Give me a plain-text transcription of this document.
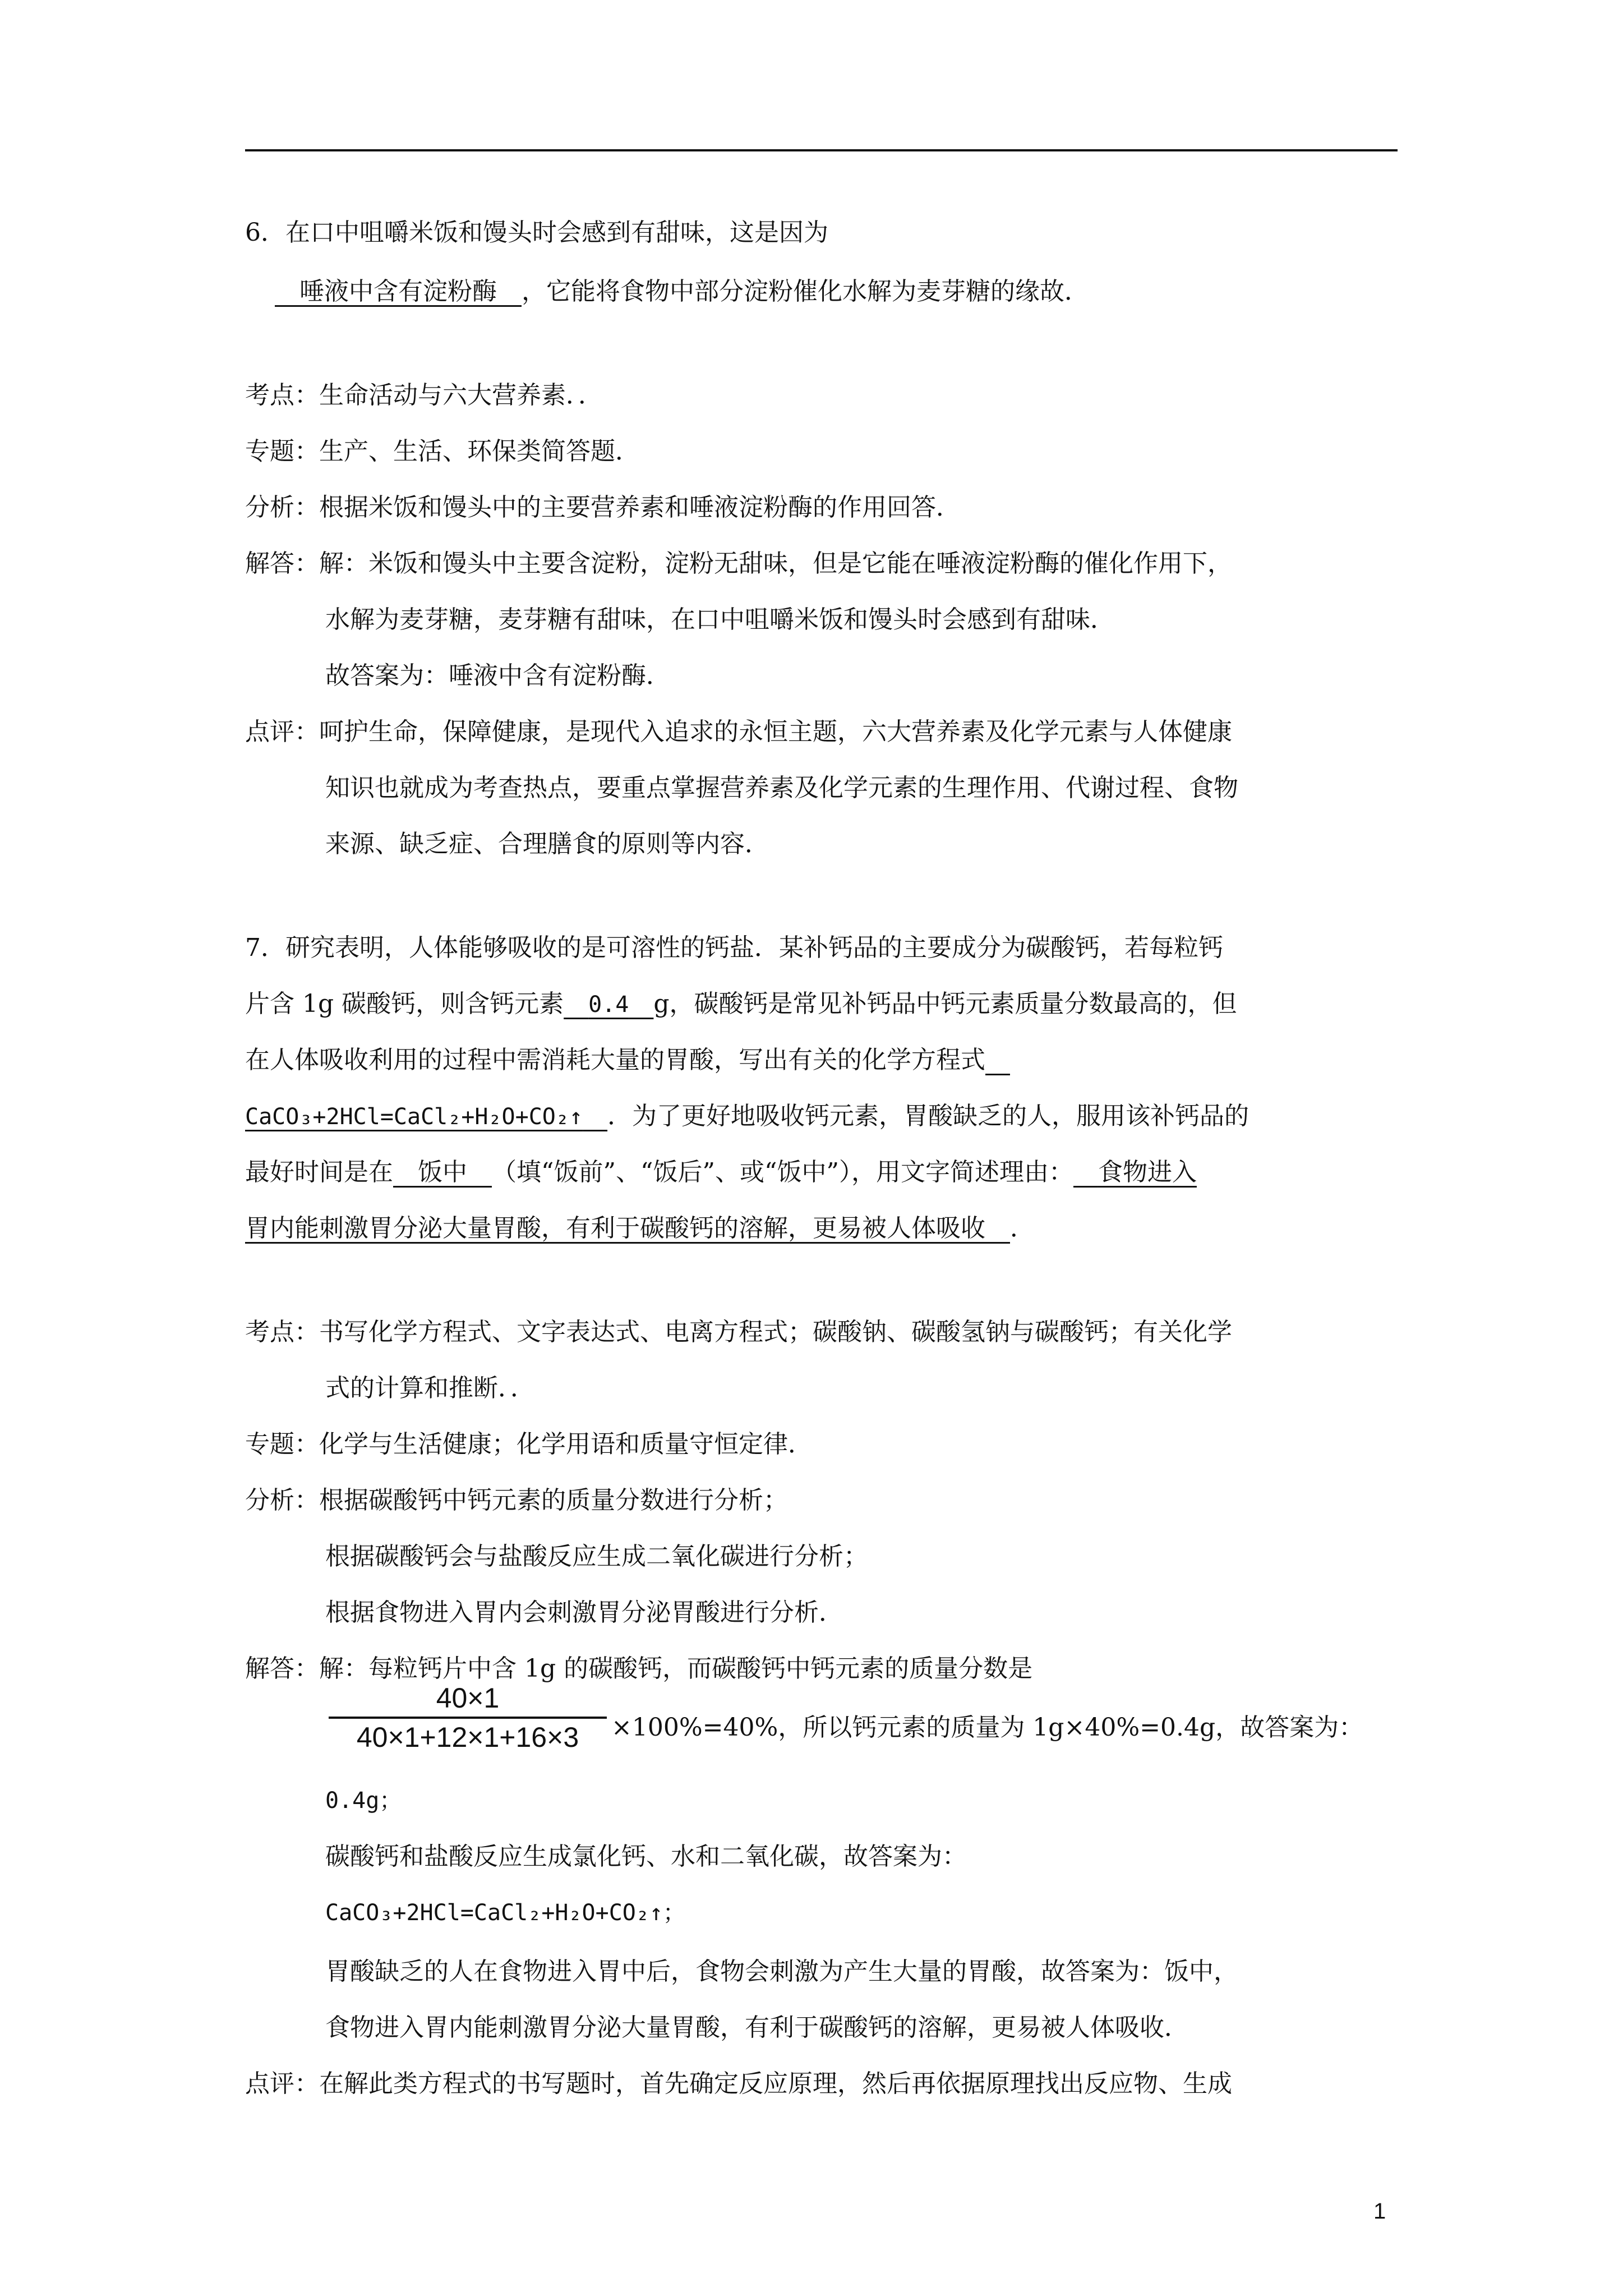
6．在口中咀嚼米饭和馒头时会感到有甜味，这是因为
 唾液中含有淀粉酶  ，它能将食物中部分淀粉催化水解为麦芽糖的缘故．
考点：生命活动与六大营养素．．
专题：生产、生活、环保类简答题．
分析：根据米饭和馒头中的主要营养素和唾液淀粉酶的作用回答．
解答：解：米饭和馒头中主要含淀粉，淀粉无甜味，但是它能在唾液淀粉酶的催化作用下，
水解为麦芽糖，麦芽糖有甜味，在口中咀嚼米饭和馒头时会感到有甜味．
故答案为：唾液中含有淀粉酶．
点评：呵护生命，保障健康，是现代入追求的永恒主题，六大营养素及化学元素与人体健康
知识也就成为考查热点，要重点掌握营养素及化学元素的生理作用、代谢过程、食物
来源、缺乏症、合理膳食的原则等内容．
7．研究表明，人体能够吸收的是可溶性的钙盐．某补钙品的主要成分为碳酸钙，若每粒钙
片含 1g 碳酸钙，则含钙元素  0.4  g，碳酸钙是常见补钙品中钙元素质量分数最高的，但
在人体吸收利用的过程中需消耗大量的胃酸，写出有关的化学方程式 
CaCO₃+2HCl=CaCl₂+H₂O+CO₂↑  ．为了更好地吸收钙元素，胃酸缺乏的人，服用该补钙品的
最好时间是在  饭中  （填“饭前”、“饭后”、或“饭中”），用文字简述理由：  食物进入
胃内能刺激胃分泌大量胃酸，有利于碳酸钙的溶解，更易被人体吸收  ．
考点：书写化学方程式、文字表达式、电离方程式；碳酸钠、碳酸氢钠与碳酸钙；有关化学
式的计算和推断．．
专题：化学与生活健康；化学用语和质量守恒定律．
分析：根据碳酸钙中钙元素的质量分数进行分析；
根据碳酸钙会与盐酸反应生成二氧化碳进行分析；
根据食物进入胃内会刺激胃分泌胃酸进行分析．
解答：解：每粒钙片中含 1g 的碳酸钙，而碳酸钙中钙元素的质量分数是
40×1
40×1+12×1+16×3	×100%=40%，所以钙元素的质量为 1g×40%=0.4g，故答案为：
0.4g；
碳酸钙和盐酸反应生成氯化钙、水和二氧化碳，故答案为：
CaCO₃+2HCl=CaCl₂+H₂O+CO₂↑；
胃酸缺乏的人在食物进入胃中后，食物会刺激为产生大量的胃酸，故答案为：饭中，
食物进入胃内能刺激胃分泌大量胃酸，有利于碳酸钙的溶解，更易被人体吸收．
点评：在解此类方程式的书写题时，首先确定反应原理，然后再依据原理找出反应物、生成
1
